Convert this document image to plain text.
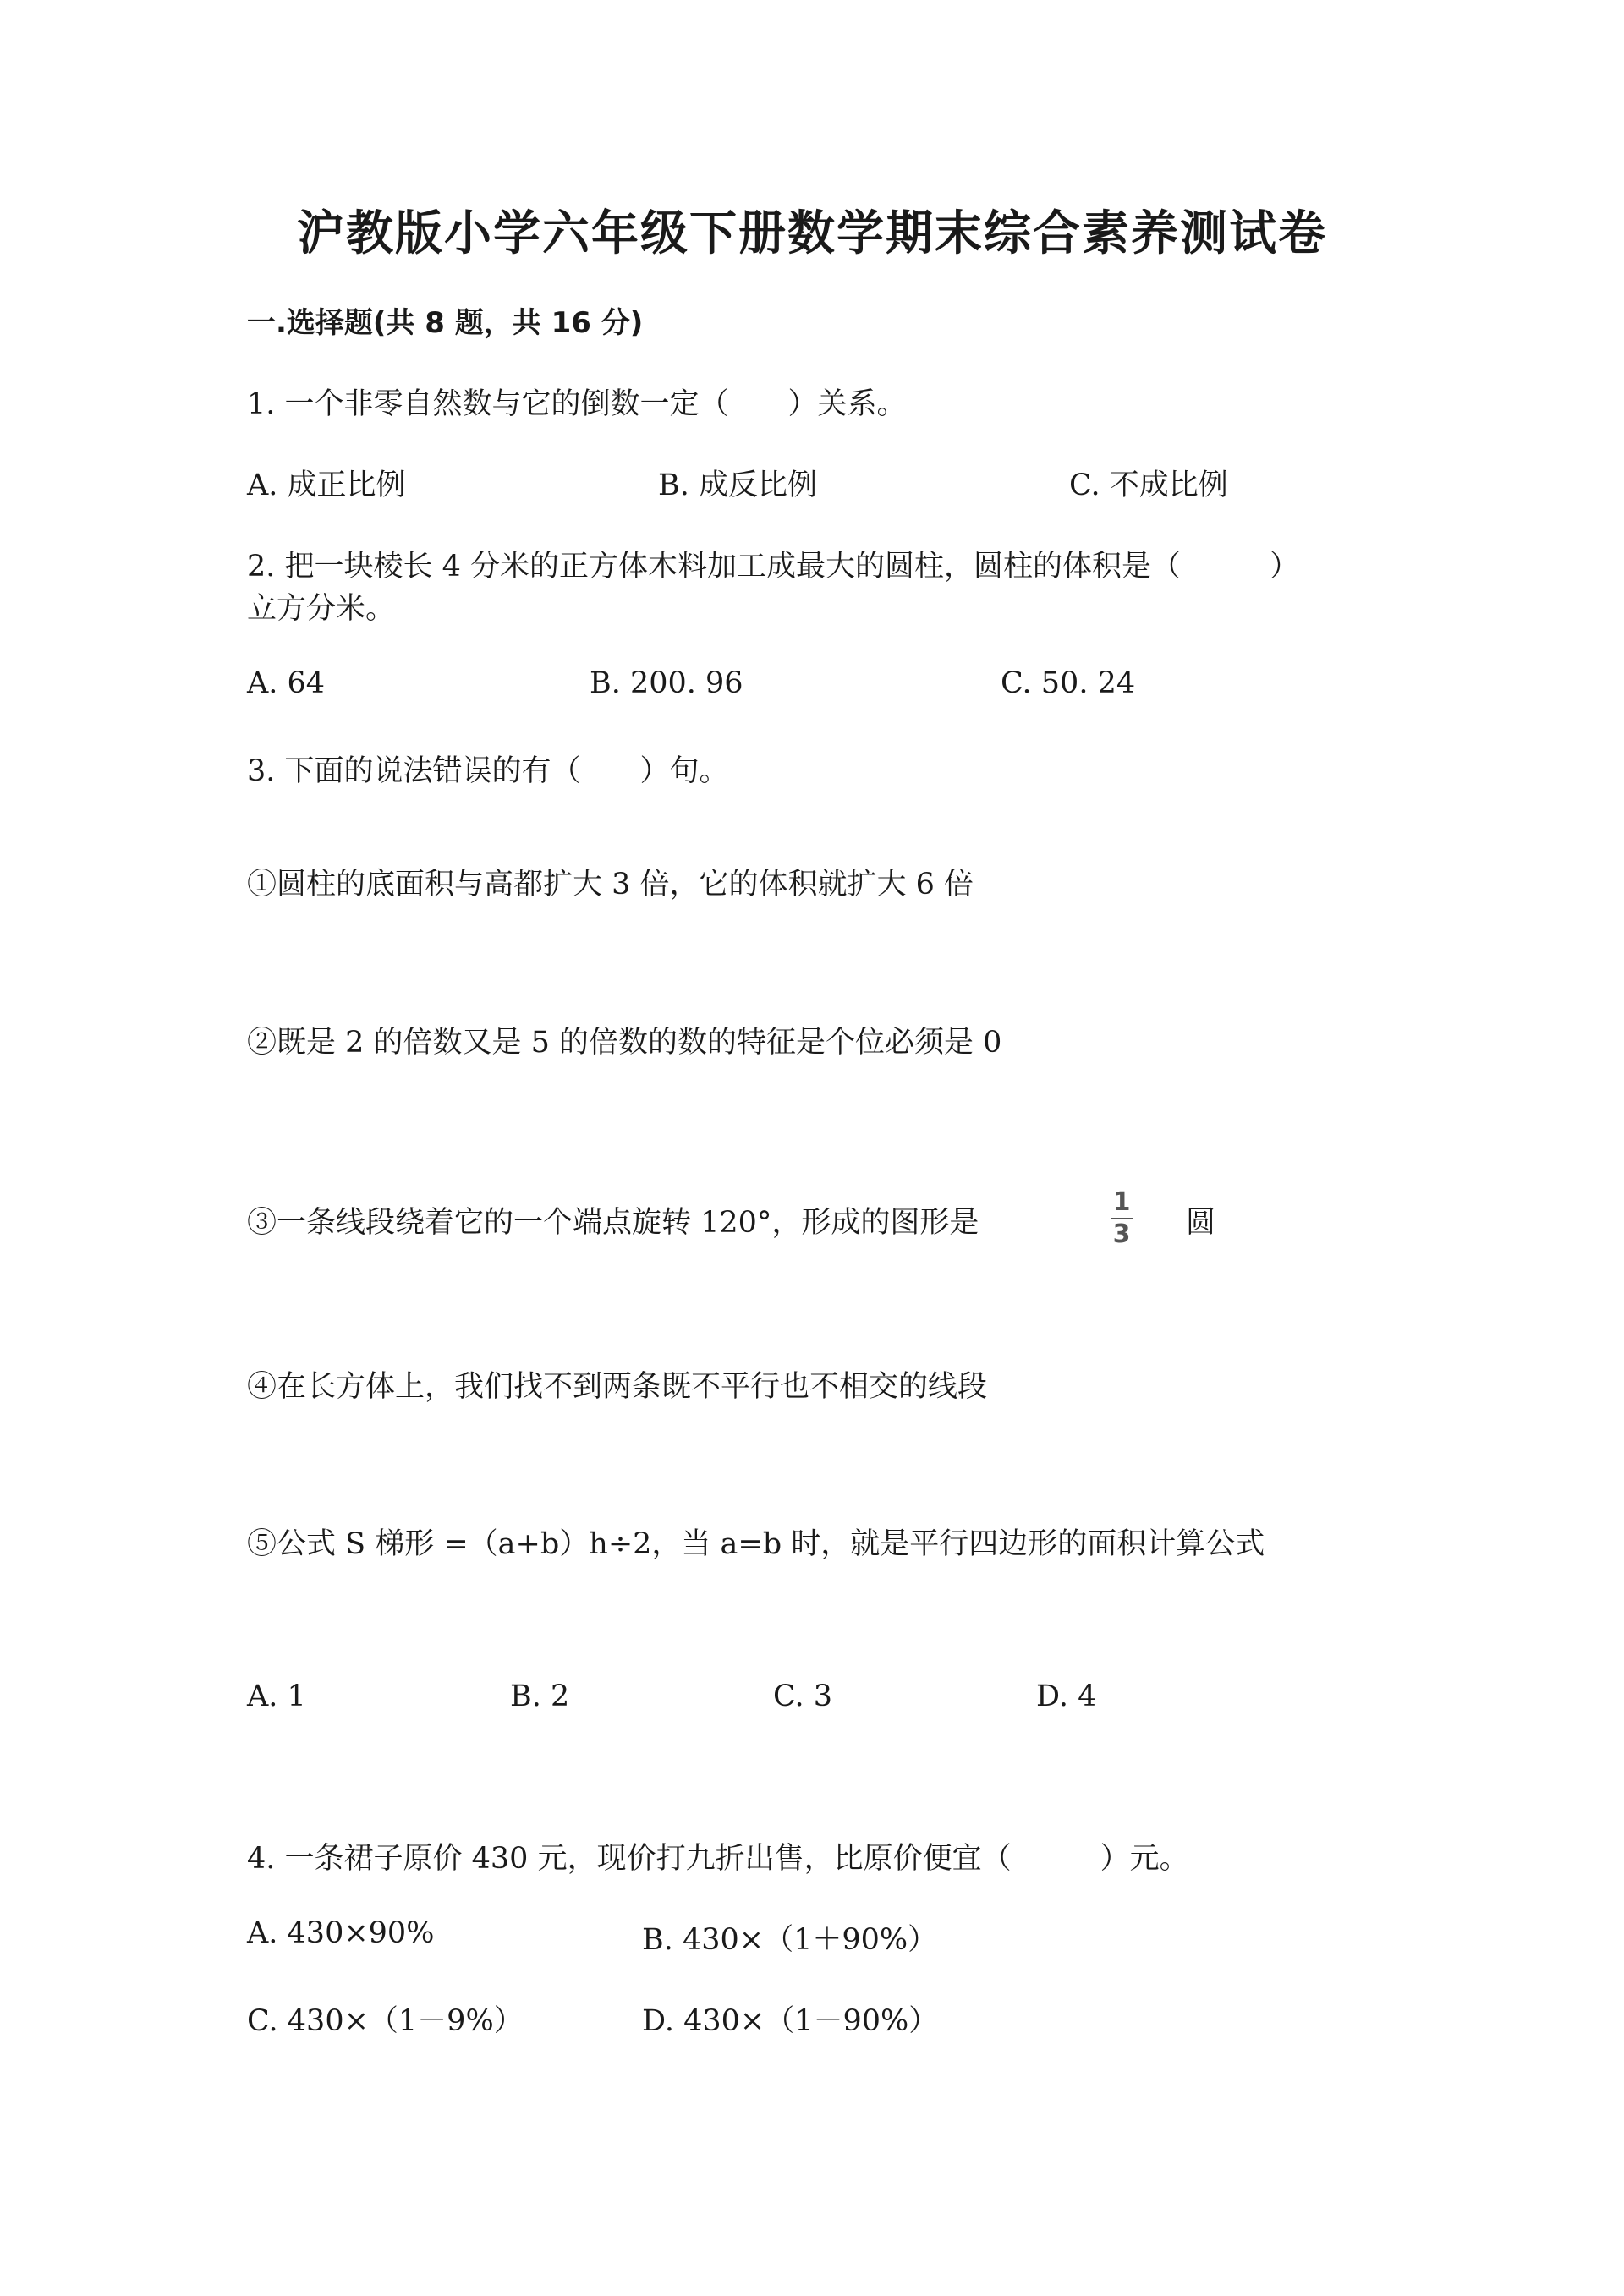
沪教版小学六年级下册数学期末综合素养测试卷
一.选择题(共 8 题，共 16 分)
1. 一个非零自然数与它的倒数一定（　　）关系。
A. 成正比例	B. 成反比例	C. 不成比例
2. 把一块棱长 4 分米的正方体木料加工成最大的圆柱，圆柱的体积是（　　　）
立方分米。
A. 64	B. 200. 96	C. 50. 24
3. 下面的说法错误的有（　　）句。
①圆柱的底面积与高都扩大 3 倍，它的体积就扩大 6 倍
②既是 2 的倍数又是 5 的倍数的数的特征是个位必须是 0
③一条线段绕着它的一个端点旋转 120°，形成的图形是
1
3 圆
④在长方体上，我们找不到两条既不平行也不相交的线段
⑤公式 S 梯形 =（a+b）h÷2，当 a=b 时，就是平行四边形的面积计算公式
A. 1	B. 2	C. 3	D. 4
4. 一条裙子原价 430 元，现价打九折出售，比原价便宜（　　　）元。
A. 430×90%	B. 430×（1＋90%）
C. 430×（1－9%）	D. 430×（1－90%）
